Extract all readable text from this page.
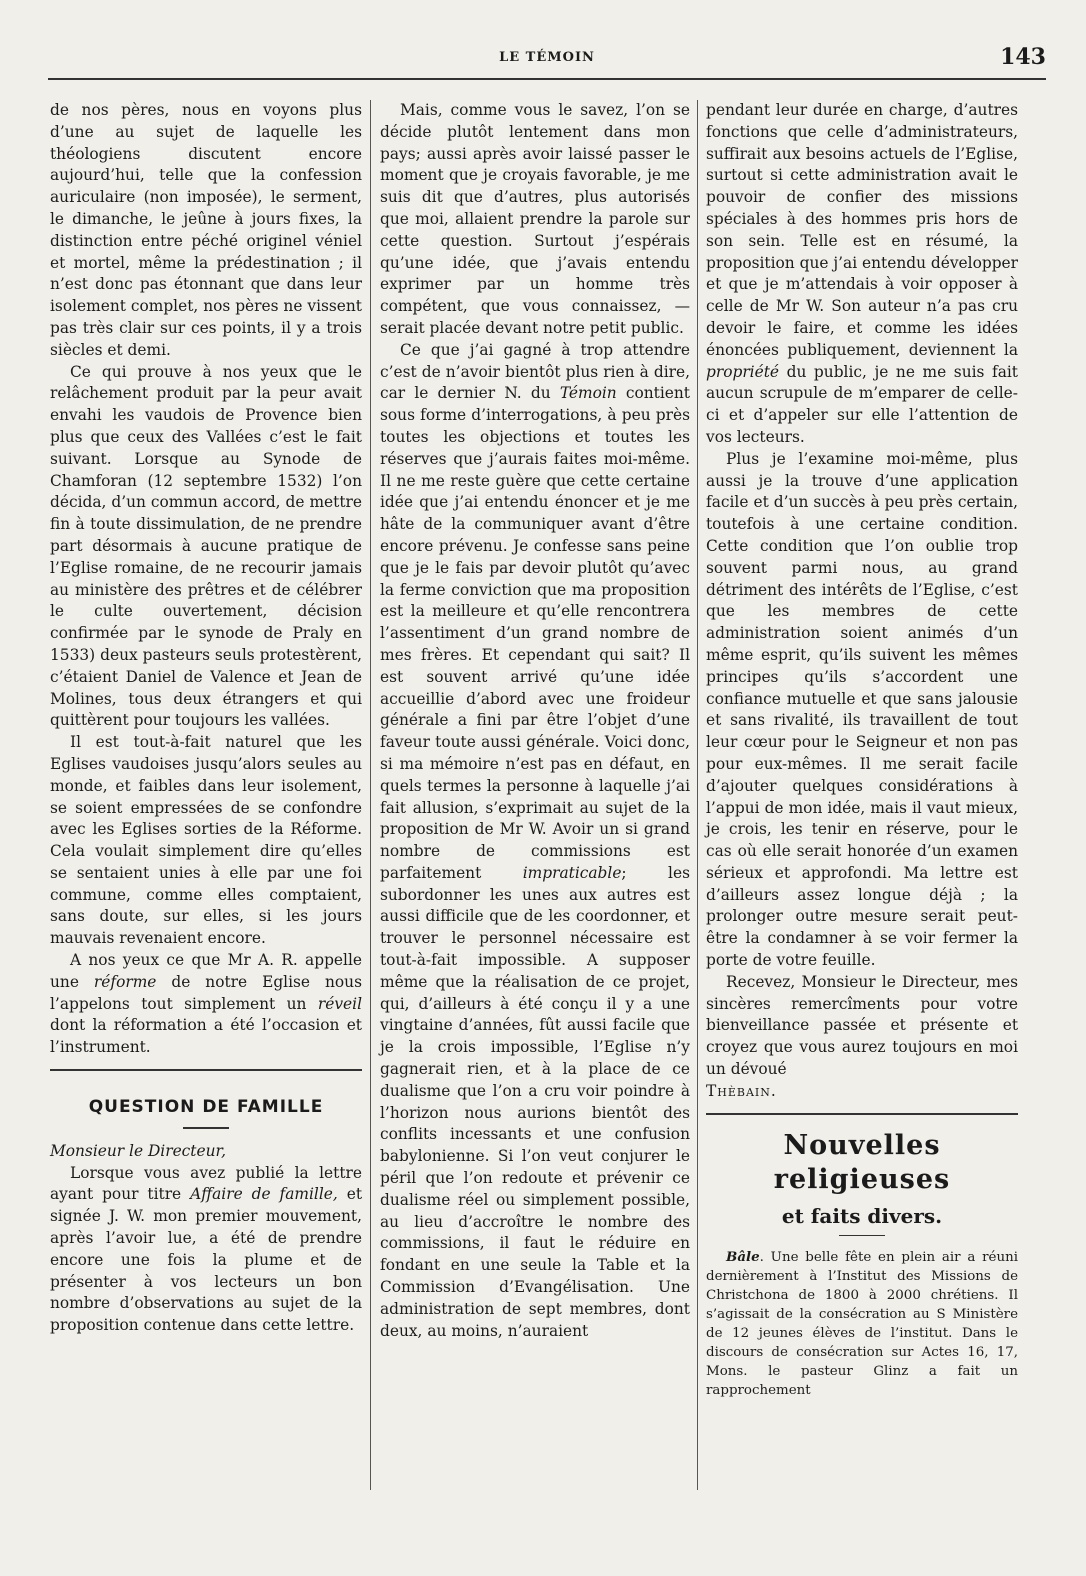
LE TÉMOIN	143

de nos pères, nous en voyons plus d’une au sujet de laquelle les théologiens discutent encore aujourd’hui, telle que la confession auriculaire (non imposée), le serment, le dimanche, le jeûne à jours fixes, la distinction entre péché originel véniel et mortel, même la prédestination ; il n’est donc pas étonnant que dans leur isolement complet, nos pères ne vissent pas très clair sur ces points, il y a trois siècles et demi.

Ce qui prouve à nos yeux que le relâchement produit par la peur avait envahi les vaudois de Provence bien plus que ceux des Vallées c’est le fait suivant. Lorsque au Synode de Chamforan (12 septembre 1532) l’on décida, d’un commun accord, de mettre fin à toute dissimulation, de ne prendre part désormais à aucune pratique de l’Eglise romaine, de ne recourir jamais au ministère des prêtres et de célébrer le culte ouvertement, décision confirmée par le synode de Praly en 1533) deux pasteurs seuls protestèrent, c’étaient Daniel de Valence et Jean de Molines, tous deux étrangers et qui quittèrent pour toujours les vallées.

Il est tout-à-fait naturel que les Eglises vaudoises jusqu’alors seules au monde, et faibles dans leur isolement, se soient empressées de se confondre avec les Eglises sorties de la Réforme. Cela voulait simplement dire qu’elles se sentaient unies à elle par une foi commune, comme elles comptaient, sans doute, sur elles, si les jours mauvais revenaient encore.

A nos yeux ce que Mr A. R. appelle une réforme de notre Eglise nous l’appelons tout simplement un réveil dont la réformation a été l’occasion et l’instrument.

QUESTION DE FAMILLE

Monsieur le Directeur,

Lorsque vous avez publié la lettre ayant pour titre Affaire de famille, et signée J. W. mon premier mouvement, après l’avoir lue, a été de prendre encore une fois la plume et de présenter à vos lecteurs un bon nombre d’observations au sujet de la proposition contenue dans cette lettre.

Mais, comme vous le savez, l’on se décide plutôt lentement dans mon pays; aussi après avoir laissé passer le moment que je croyais favorable, je me suis dit que d’autres, plus autorisés que moi, allaient prendre la parole sur cette question. Surtout j’espérais qu’une idée, que j’avais entendu exprimer par un homme très compétent, que vous connaissez, — serait placée devant notre petit public.

Ce que j’ai gagné à trop attendre c’est de n’avoir bientôt plus rien à dire, car le dernier N. du Témoin contient sous forme d’interrogations, à peu près toutes les objections et toutes les réserves que j’aurais faites moi-même. Il ne me reste guère que cette certaine idée que j’ai entendu énoncer et je me hâte de la communiquer avant d’être encore prévenu. Je confesse sans peine que je le fais par devoir plutôt qu’avec la ferme conviction que ma proposition est la meilleure et qu’elle rencontrera l’assentiment d’un grand nombre de mes frères. Et cependant qui sait? Il est souvent arrivé qu’une idée accueillie d’abord avec une froideur générale a fini par être l’objet d’une faveur toute aussi générale. Voici donc, si ma mémoire n’est pas en défaut, en quels termes la personne à laquelle j’ai fait allusion, s’exprimait au sujet de la proposition de Mr W. Avoir un si grand nombre de commissions est parfaitement impraticable; les subordonner les unes aux autres est aussi difficile que de les coordonner, et trouver le personnel nécessaire est tout-à-fait impossible. A supposer même que la réalisation de ce projet, qui, d’ailleurs à été conçu il y a une vingtaine d’années, fût aussi facile que je la crois impossible, l’Eglise n’y gagnerait rien, et à la place de ce dualisme que l’on a cru voir poindre à l’horizon nous aurions bientôt des conflits incessants et une confusion babylonienne. Si l’on veut conjurer le péril que l’on redoute et prévenir ce dualisme réel ou simplement possible, au lieu d’accroître le nombre des commissions, il faut le réduire en fondant en une seule la Table et la Commission d’Evangélisation. Une administration de sept membres, dont deux, au moins, n’auraient

pendant leur durée en charge, d’autres fonctions que celle d’administrateurs, suffirait aux besoins actuels de l’Eglise, surtout si cette administration avait le pouvoir de confier des missions spéciales à des hommes pris hors de son sein. Telle est en résumé, la proposition que j’ai entendu développer et que je m’attendais à voir opposer à celle de Mr W. Son auteur n’a pas cru devoir le faire, et comme les idées énoncées publiquement, deviennent la propriété du public, je ne me suis fait aucun scrupule de m’emparer de celle-ci et d’appeler sur elle l’attention de vos lecteurs.

Plus je l’examine moi-même, plus aussi je la trouve d’une application facile et d’un succès à peu près certain, toutefois à une certaine condition. Cette condition que l’on oublie trop souvent parmi nous, au grand détriment des intérêts de l’Eglise, c’est que les membres de cette administration soient animés d’un même esprit, qu’ils suivent les mêmes principes qu’ils s’accordent une confiance mutuelle et que sans jalousie et sans rivalité, ils travaillent de tout leur cœur pour le Seigneur et non pas pour eux-mêmes. Il me serait facile d’ajouter quelques considérations à l’appui de mon idée, mais il vaut mieux, je crois, les tenir en réserve, pour le cas où elle serait honorée d’un examen sérieux et approfondi. Ma lettre est d’ailleurs assez longue déjà ; la prolonger outre mesure serait peut-être la condamner à se voir fermer la porte de votre feuille.

Recevez, Monsieur le Directeur, mes sincères remercîments pour votre bienveillance passée et présente et croyez que vous aurez toujours en moi un dévoué

Thèbain.

Nouvelles religieuses
et faits divers.

Bâle. Une belle fête en plein air a réuni dernièrement à l’Institut des Missions de Christchona de 1800 à 2000 chrétiens. Il s’agissait de la consécration au S Ministère de 12 jeunes élèves de l’institut. Dans le discours de consécration sur Actes 16, 17, Mons. le pasteur Glinz a fait un rapprochement
